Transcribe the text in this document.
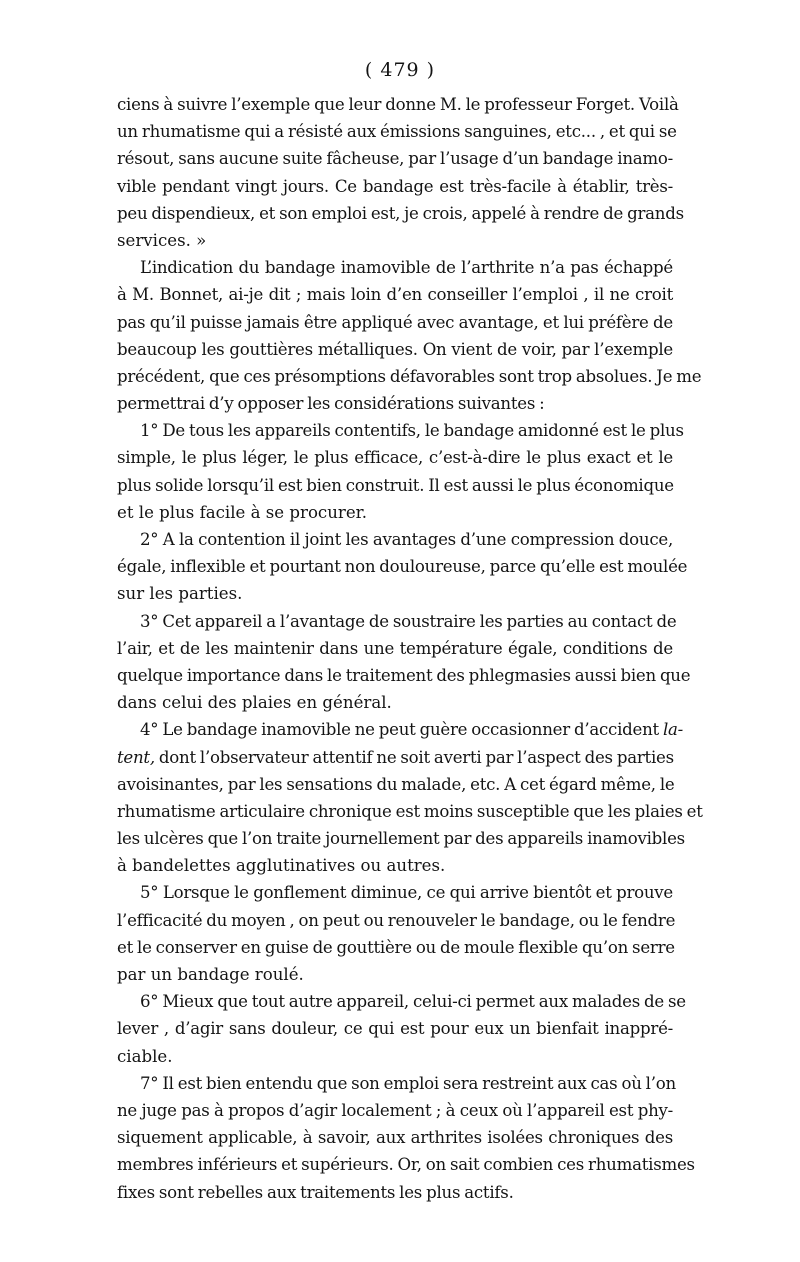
( 479 )
ciens à suivre l’exemple que leur donne M. le professeur Forget. Voilà
un rhumatisme qui a résisté aux émissions sanguines, etc... , et qui se
résout, sans aucune suite fâcheuse, par l’usage d’un bandage inamo-
vible pendant vingt jours. Ce bandage est très-facile à établir, très-
peu dispendieux, et son emploi est, je crois, appelé à rendre de grands
services. »
L’indication du bandage inamovible de l’arthrite n’a pas échappé
à M. Bonnet, ai-je dit ; mais loin d’en conseiller l’emploi , il ne croit
pas qu’il puisse jamais être appliqué avec avantage, et lui préfère de
beaucoup les gouttières métalliques. On vient de voir, par l’exemple
précédent, que ces présomptions défavorables sont trop absolues. Je me
permettrai d’y opposer les considérations suivantes :
1° De tous les appareils contentifs, le bandage amidonné est le plus
simple, le plus léger, le plus efficace, c’est-à-dire le plus exact et le
plus solide lorsqu’il est bien construit. Il est aussi le plus économique
et le plus facile à se procurer.
2° A la contention il joint les avantages d’une compression douce,
égale, inflexible et pourtant non douloureuse, parce qu’elle est moulée
sur les parties.
3° Cet appareil a l’avantage de soustraire les parties au contact de
l’air, et de les maintenir dans une température égale, conditions de
quelque importance dans le traitement des phlegmasies aussi bien que
dans celui des plaies en général.
4° Le bandage inamovible ne peut guère occasionner d’accident la-
tent, dont l’observateur attentif ne soit averti par l’aspect des parties
avoisinantes, par les sensations du malade, etc. A cet égard même, le
rhumatisme articulaire chronique est moins susceptible que les plaies et
les ulcères que l’on traite journellement par des appareils inamovibles
à bandelettes agglutinatives ou autres.
5° Lorsque le gonflement diminue, ce qui arrive bientôt et prouve
l’efficacité du moyen , on peut ou renouveler le bandage, ou le fendre
et le conserver en guise de gouttière ou de moule flexible qu’on serre
par un bandage roulé.
6° Mieux que tout autre appareil, celui-ci permet aux malades de se
lever , d’agir sans douleur, ce qui est pour eux un bienfait inappré-
ciable.
7° Il est bien entendu que son emploi sera restreint aux cas où l’on
ne juge pas à propos d’agir localement ; à ceux où l’appareil est phy-
siquement applicable, à savoir, aux arthrites isolées chroniques des
membres inférieurs et supérieurs. Or, on sait combien ces rhumatismes
fixes sont rebelles aux traitements les plus actifs.
